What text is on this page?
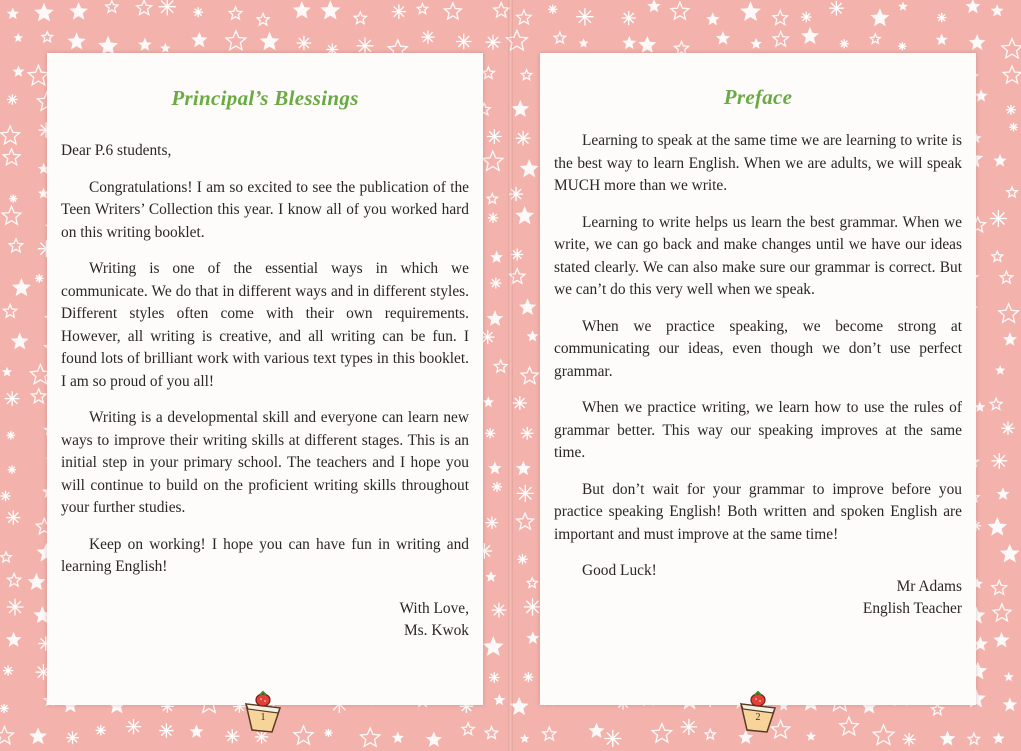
Principal’s Blessings

Dear P.6 students,

Congratulations! I am so excited to see the publication of the Teen Writers’ Collection this year. I know all of you worked hard on this writing booklet.

Writing is one of the essential ways in which we communicate. We do that in different ways and in different styles. Different styles often come with their own requirements. However, all writing is creative, and all writing can be fun. I found lots of brilliant work with various text types in this booklet. I am so proud of you all!

Writing is a developmental skill and everyone can learn new ways to improve their writing skills at different stages. This is an initial step in your primary school. The teachers and I hope you will continue to build on the proficient writing skills throughout your further studies.

Keep on working! I hope you can have fun in writing and learning English!

With Love,
Ms. Kwok
Preface

Learning to speak at the same time we are learning to write is the best way to learn English. When we are adults, we will speak MUCH more than we write.

Learning to write helps us learn the best grammar. When we write, we can go back and make changes until we have our ideas stated clearly. We can also make sure our grammar is correct. But we can’t do this very well when we speak.

When we practice speaking, we become strong at communicating our ideas, even though we don’t use perfect grammar.

When we practice writing, we learn how to use the rules of grammar better. This way our speaking improves at the same time.

But don’t wait for your grammar to improve before you practice speaking English! Both written and spoken English are important and must improve at the same time!

Good Luck!

Mr Adams
English Teacher
1	2
